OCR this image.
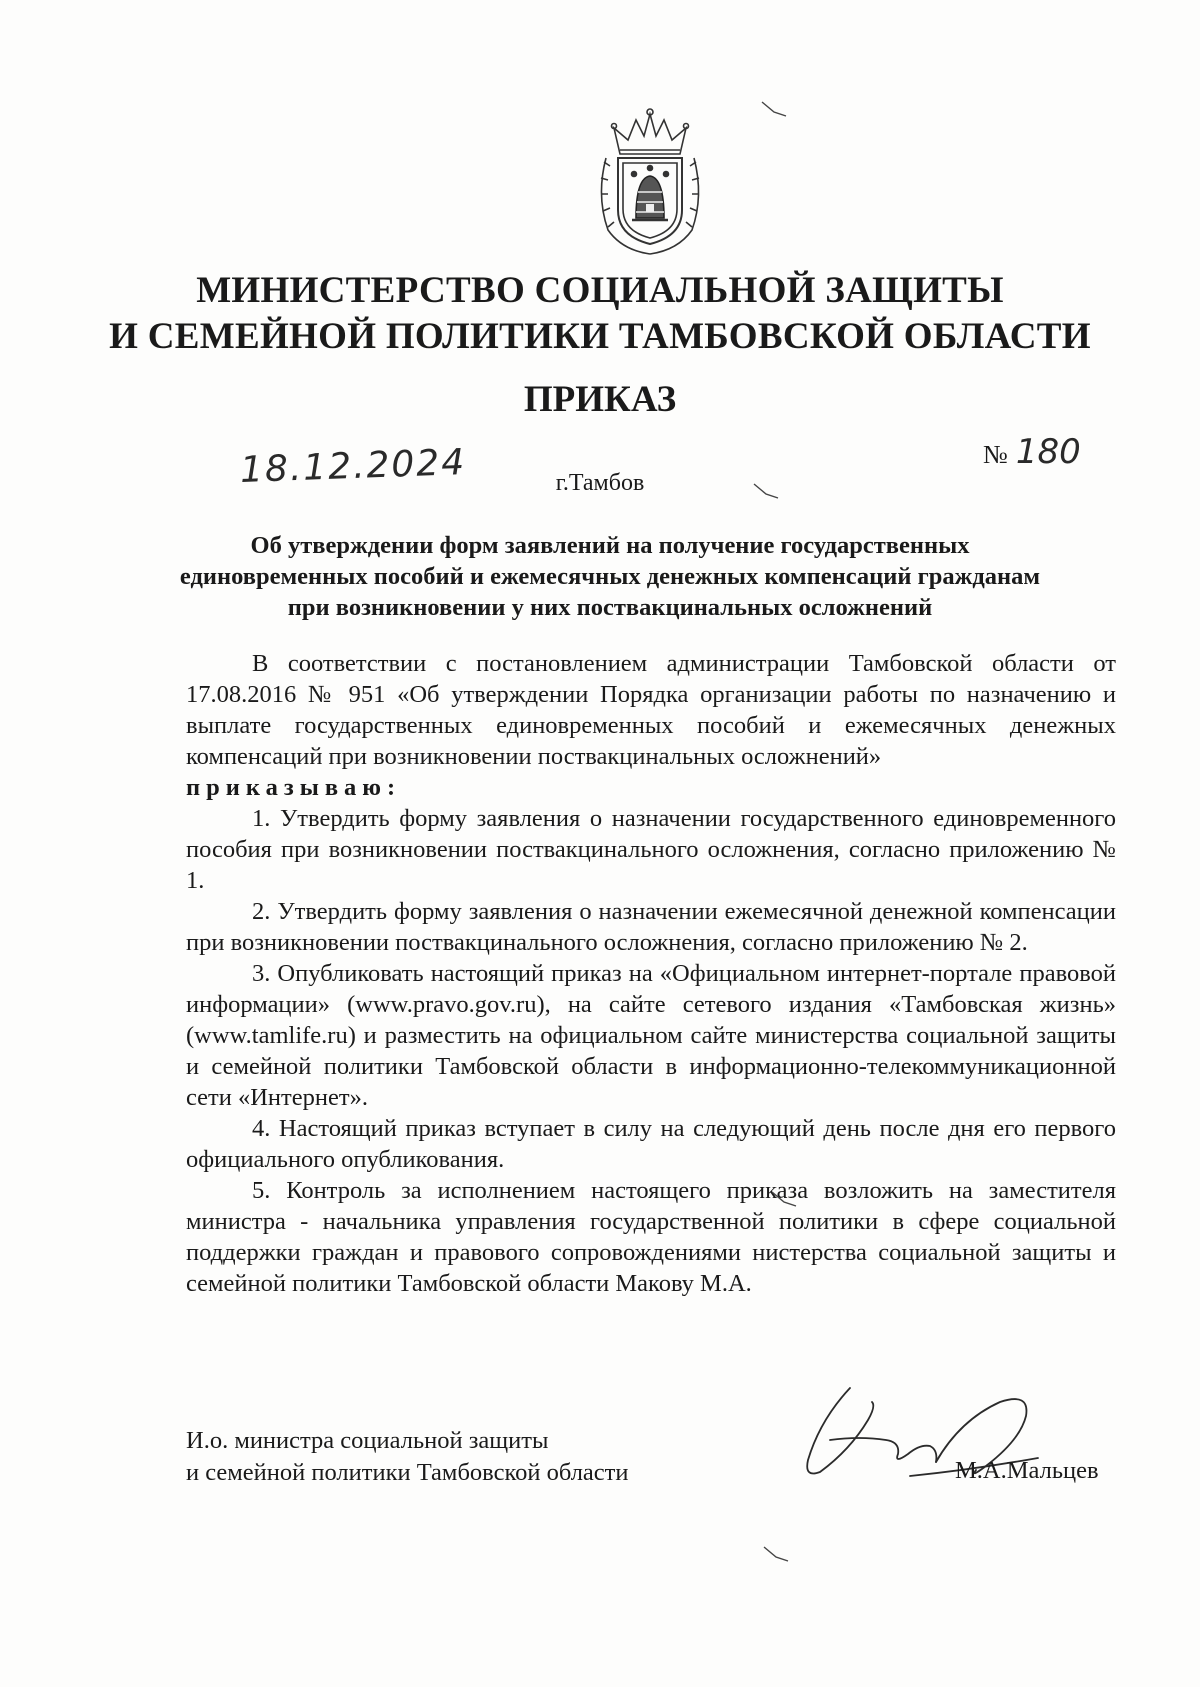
МИНИСТЕРСТВО СОЦИАЛЬНОЙ ЗАЩИТЫ
И СЕМЕЙНОЙ ПОЛИТИКИ ТАМБОВСКОЙ ОБЛАСТИ
ПРИКАЗ
18.12.2024	№ 180
г.Тамбов
Об утверждении форм заявлений на получение государственных
единовременных пособий и ежемесячных денежных компенсаций гражданам
при возникновении у них поствакцинальных осложнений

В соответствии с постановлением администрации Тамбовской области от 17.08.2016 № 951 «Об утверждении Порядка организации работы по назначению и выплате государственных единовременных пособий и ежемесячных денежных компенсаций при возникновении поствакцинальных осложнений»

приказываю:

1. Утвердить форму заявления о назначении государственного единовременного пособия при возникновении поствакцинального осложнения, согласно приложению № 1.

2. Утвердить форму заявления о назначении ежемесячной денежной компенсации при возникновении поствакцинального осложнения, согласно приложению № 2.

3. Опубликовать настоящий приказ на «Официальном интернет-портале правовой информации» (www.pravo.gov.ru), на сайте сетевого издания «Тамбовская жизнь» (www.tamlife.ru) и разместить на официальном сайте министерства социальной защиты и семейной политики Тамбовской области в информационно-телекоммуникационной сети «Интернет».

4. Настоящий приказ вступает в силу на следующий день после дня его первого официального опубликования.

5. Контроль за исполнением настоящего приказа возложить на заместителя министра - начальника управления государственной политики в сфере социальной поддержки граждан и правового сопровождениями нистерства социальной защиты и семейной политики Тамбовской области Макову М.А.

И.о. министра социальной защиты
и семейной политики Тамбовской области	М.А.Мальцев
